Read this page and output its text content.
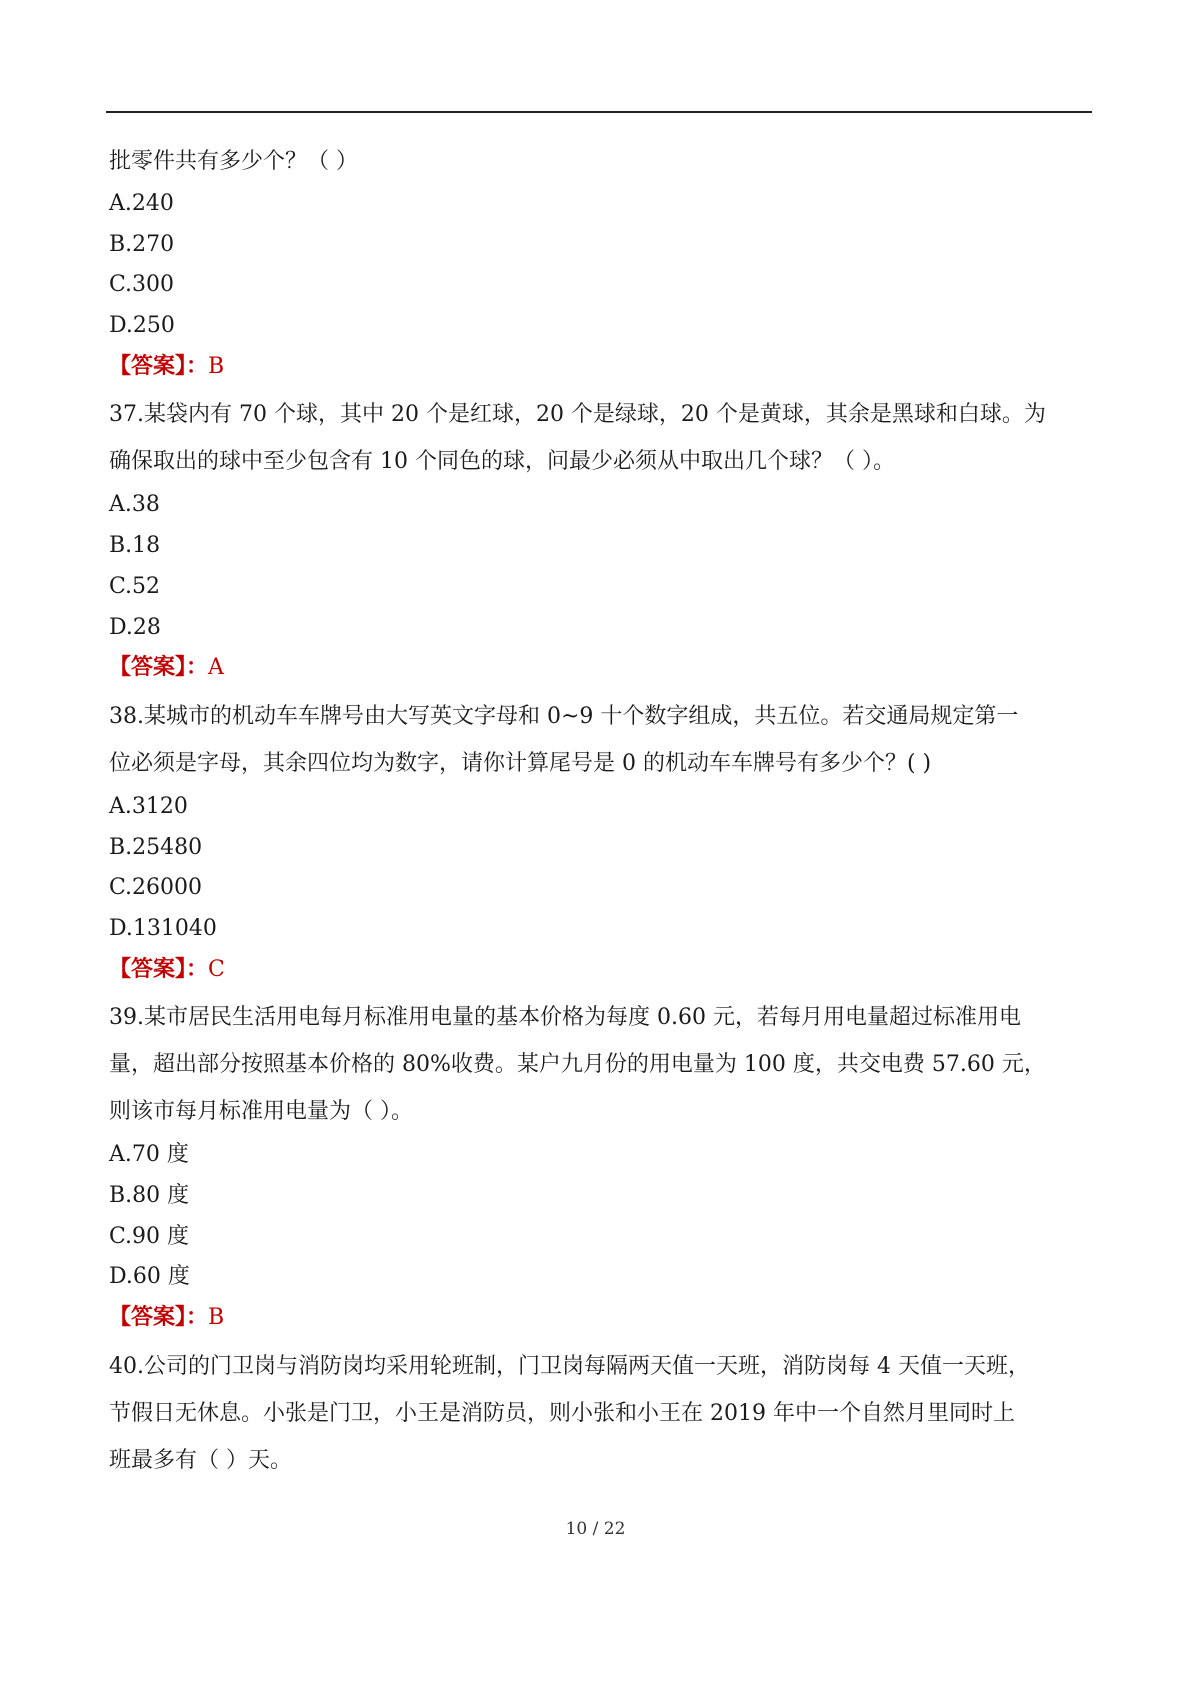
批零件共有多少个？（ ）

A.240

B.270

C.300

D.250

【答案】：B

37.某袋内有 70 个球，其中 20 个是红球，20 个是绿球，20 个是黄球，其余是黑球和白球。为

确保取出的球中至少包含有 10 个同色的球，问最少必须从中取出几个球？（ ）。

A.38

B.18

C.52

D.28

【答案】：A

38.某城市的机动车车牌号由大写英文字母和 0~9 十个数字组成，共五位。若交通局规定第一

位必须是字母，其余四位均为数字，请你计算尾号是 0 的机动车车牌号有多少个？( )

A.3120

B.25480

C.26000

D.131040

【答案】：C

39.某市居民生活用电每月标准用电量的基本价格为每度 0.60 元，若每月用电量超过标准用电

量，超出部分按照基本价格的 80%收费。某户九月份的用电量为 100 度，共交电费 57.60 元，

则该市每月标准用电量为（ ）。

A.70 度

B.80 度

C.90 度

D.60 度

【答案】：B

40.公司的门卫岗与消防岗均采用轮班制，门卫岗每隔两天值一天班，消防岗每 4 天值一天班，

节假日无休息。小张是门卫，小王是消防员，则小张和小王在 2019 年中一个自然月里同时上

班最多有（ ）天。

10 / 22
